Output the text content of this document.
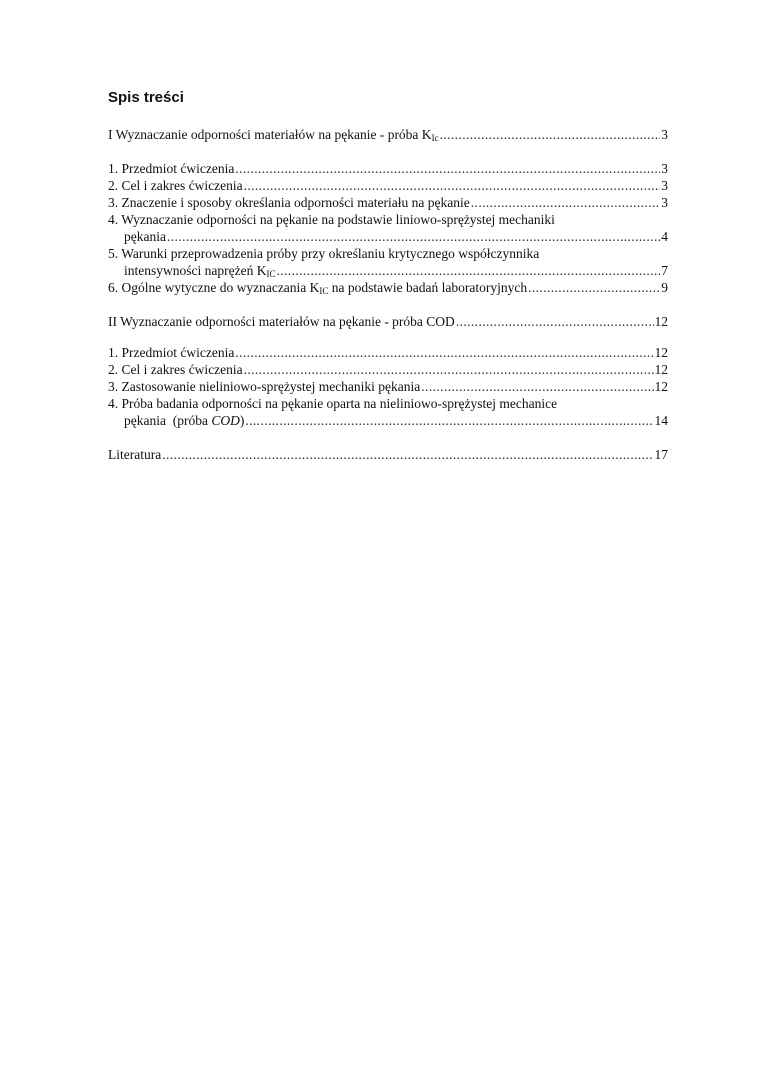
Spis treści
I Wyznaczanie odporności materiałów na pękanie - próba $K_{Ic}$ .....	3
1. Przedmiot ćwiczenia .....	3
2. Cel i zakres ćwiczenia .....	3
3. Znaczenie i sposoby określania odporności materiału na pękanie .....	3
4. Wyznaczanie odporności na pękanie na podstawie liniowo-sprężystej mechaniki
pękania .....	4
5. Warunki przeprowadzenia próby przy określaniu krytycznego współczynnika
intensywności naprężeń $K_{IC}$ .....	7
6. Ogólne wytyczne do wyznaczania $K_{IC}$ na podstawie badań laboratoryjnych .....	9
II Wyznaczanie odporności materiałów na pękanie - próba COD .....	12
1. Przedmiot ćwiczenia .....	12
2. Cel i zakres ćwiczenia .....	12
3. Zastosowanie nieliniowo-sprężystej mechaniki pękania .....	12
4. Próba badania odporności na pękanie oparta na nieliniowo-sprężystej mechanice
pękania  (próba COD) .....	14
Literatura .....	17
